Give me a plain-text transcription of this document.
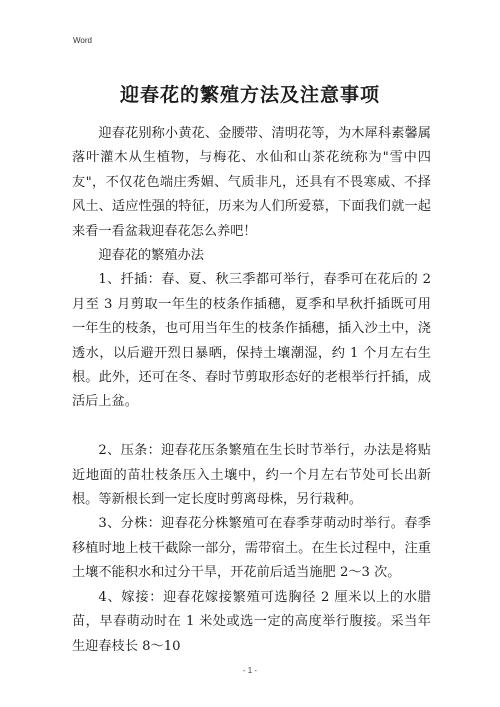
Word
迎春花的繁殖方法及注意事项

迎春花别称小黄花、金腰带、清明花等，为木犀科素馨属落叶灌木从生植物，与梅花、水仙和山茶花统称为"雪中四友"，不仅花色端庄秀媚、气质非凡，还具有不畏寒威、不择风土、适应性强的特征，历来为人们所爱慕，下面我们就一起来看一看盆栽迎春花怎么养吧！

迎春花的繁殖办法

1、扦插：春、夏、秋三季都可举行，春季可在花后的 2 月至 3 月剪取一年生的枝条作插穗，夏季和早秋扦插既可用一年生的枝条，也可用当年生的枝条作插穗，插入沙土中，浇透水，以后避开烈日暴晒，保持土壤潮湿，约 1 个月左右生根。此外，还可在冬、春时节剪取形态好的老根举行扦插，成活后上盆。

2、压条：迎春花压条繁殖在生长时节举行，办法是将贴近地面的苗壮枝条压入土壤中，约一个月左右节处可长出新根。等新根长到一定长度时剪离母株，另行栽种。

3、分株：迎春花分株繁殖可在春季芽萌动时举行。春季移植时地上枝干截除一部分，需带宿土。在生长过程中，注重土壤不能积水和过分干旱，开花前后适当施肥 2～3 次。

4、嫁接：迎春花嫁接繁殖可选胸径 2 厘米以上的水腊苗，早春萌动时在 1 米处或选一定的高度举行腹接。采当年生迎春枝长 8～10

- 1 -
